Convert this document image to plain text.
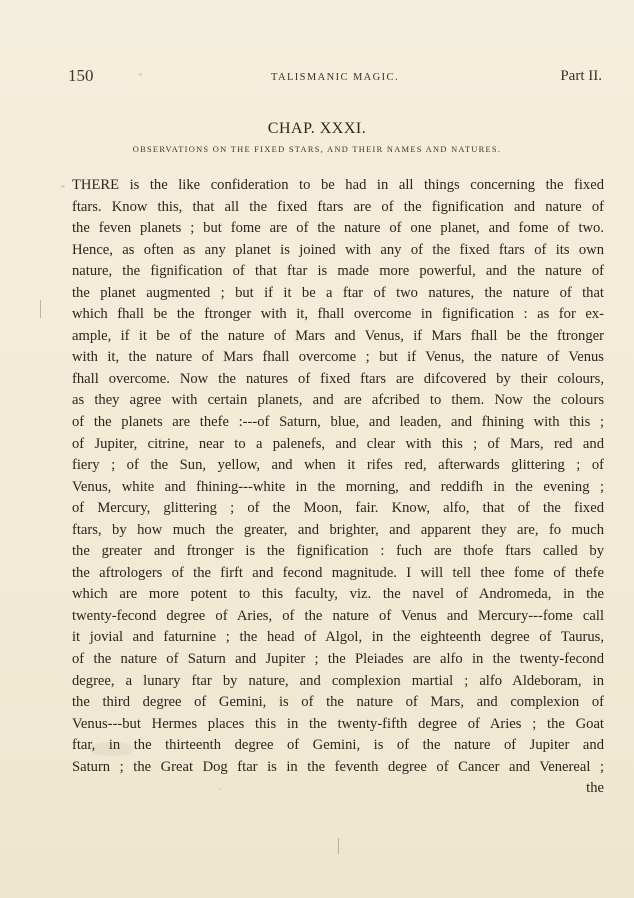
150	TALISMANIC MAGIC.	Part II.
CHAP. XXXI.
OBSERVATIONS ON THE FIXED STARS, AND THEIR NAMES AND NATURES.
THERE is the like confideration to be had in all things concerning the fixed
ftars. Know this, that all the fixed ftars are of the fignification and nature of
the feven planets ; but fome are of the nature of one planet, and fome of two.
Hence, as often as any planet is joined with any of the fixed ftars of its own
nature, the fignification of that ftar is made more powerful, and the nature of
the planet augmented ; but if it be a ftar of two natures, the nature of that
which fhall be the ftronger with it, fhall overcome in fignification : as for ex-
ample, if it be of the nature of Mars and Venus, if Mars fhall be the ftronger
with it, the nature of Mars fhall overcome ; but if Venus, the nature of Venus
fhall overcome. Now the natures of fixed ftars are difcovered by their colours,
as they agree with certain planets, and are afcribed to them. Now the colours
of the planets are thefe :---of Saturn, blue, and leaden, and fhining with this ;
of Jupiter, citrine, near to a palenefs, and clear with this ; of Mars, red and
fiery ; of the Sun, yellow, and when it rifes red, afterwards glittering ; of
Venus, white and fhining---white in the morning, and reddifh in the evening ;
of Mercury, glittering ; of the Moon, fair. Know, alfo, that of the fixed
ftars, by how much the greater, and brighter, and apparent they are, fo much
the greater and ftronger is the fignification : fuch are thofe ftars called by
the aftrologers of the firft and fecond magnitude. I will tell thee fome of thefe
which are more potent to this faculty, viz. the navel of Andromeda, in the
twenty-fecond degree of Aries, of the nature of Venus and Mercury---fome call
it jovial and faturnine ; the head of Algol, in the eighteenth degree of Taurus,
of the nature of Saturn and Jupiter ; the Pleiades are alfo in the twenty-fecond
degree, a lunary ftar by nature, and complexion martial ; alfo Aldeboram, in
the third degree of Gemini, is of the nature of Mars, and complexion of
Venus---but Hermes places this in the twenty-fifth degree of Aries ; the Goat
ftar, in the thirteenth degree of Gemini, is of the nature of Jupiter and
Saturn ; the Great Dog ftar is in the feventh degree of Cancer and Venereal ;
the
